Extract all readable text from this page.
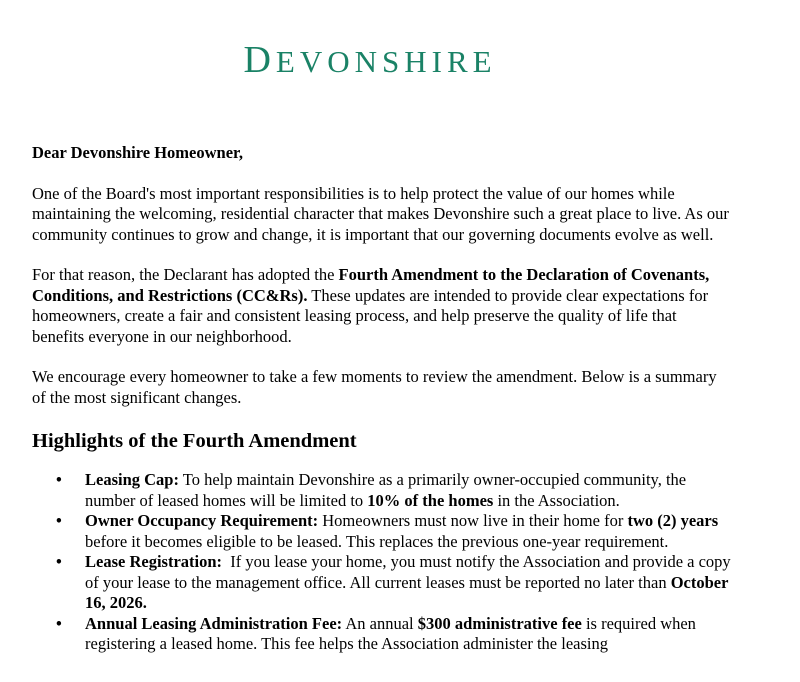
DEVONSHIRE

Dear Devonshire Homeowner,

One of the Board's most important responsibilities is to help protect the value of our homes while maintaining the welcoming, residential character that makes Devonshire such a great place to live. As our community continues to grow and change, it is important that our governing documents evolve as well.

For that reason, the Declarant has adopted the Fourth Amendment to the Declaration of Covenants, Conditions, and Restrictions (CC&Rs). These updates are intended to provide clear expectations for homeowners, create a fair and consistent leasing process, and help preserve the quality of life that benefits everyone in our neighborhood.

We encourage every homeowner to take a few moments to review the amendment. Below is a summary of the most significant changes.

Highlights of the Fourth Amendment
• Leasing Cap: To help maintain Devonshire as a primarily owner-occupied community, the number of leased homes will be limited to 10% of the homes in the Association.
• Owner Occupancy Requirement: Homeowners must now live in their home for two (2) years before it becomes eligible to be leased. This replaces the previous one-year requirement.
• Lease Registration:  If you lease your home, you must notify the Association and provide a copy of your lease to the management office. All current leases must be reported no later than October 16, 2026.
• Annual Leasing Administration Fee: An annual $300 administrative fee is required when registering a leased home. This fee helps the Association administer the leasing
